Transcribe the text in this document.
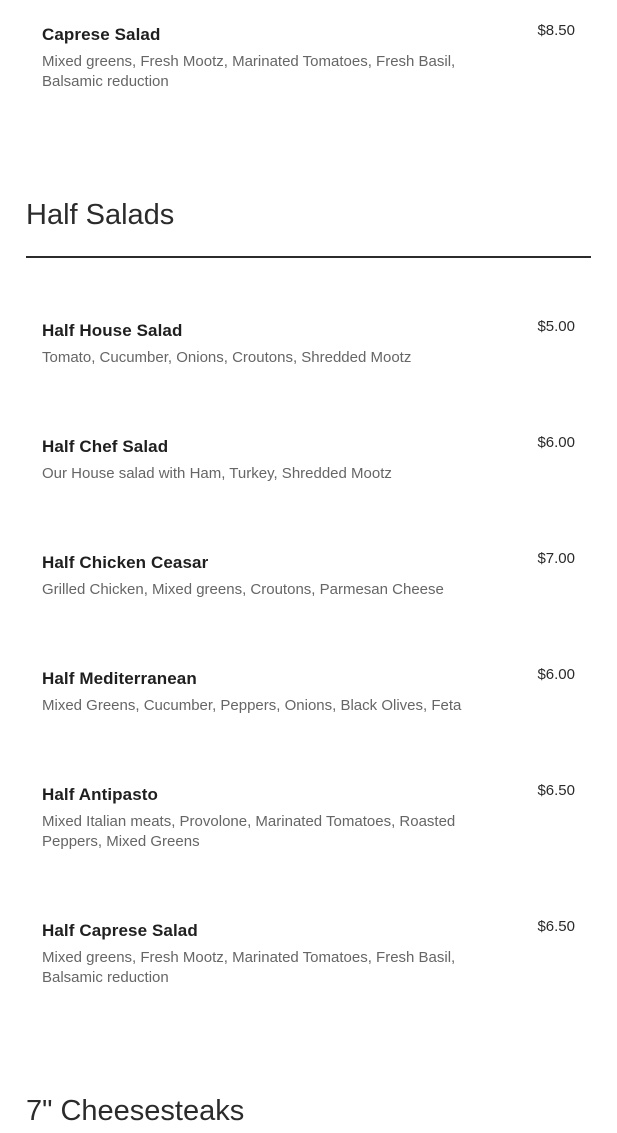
Caprese Salad	$8.50
Mixed greens, Fresh Mootz, Marinated Tomatoes, Fresh Basil, Balsamic reduction
Half Salads
Half House Salad	$5.00
Tomato, Cucumber, Onions, Croutons, Shredded Mootz
Half Chef Salad	$6.00
Our House salad with Ham, Turkey, Shredded Mootz
Half Chicken Ceasar	$7.00
Grilled Chicken, Mixed greens, Croutons, Parmesan Cheese
Half Mediterranean	$6.00
Mixed Greens, Cucumber, Peppers, Onions, Black Olives, Feta
Half Antipasto	$6.50
Mixed Italian meats, Provolone, Marinated Tomatoes, Roasted Peppers, Mixed Greens
Half Caprese Salad	$6.50
Mixed greens, Fresh Mootz, Marinated Tomatoes, Fresh Basil, Balsamic reduction
7" Cheesesteaks
